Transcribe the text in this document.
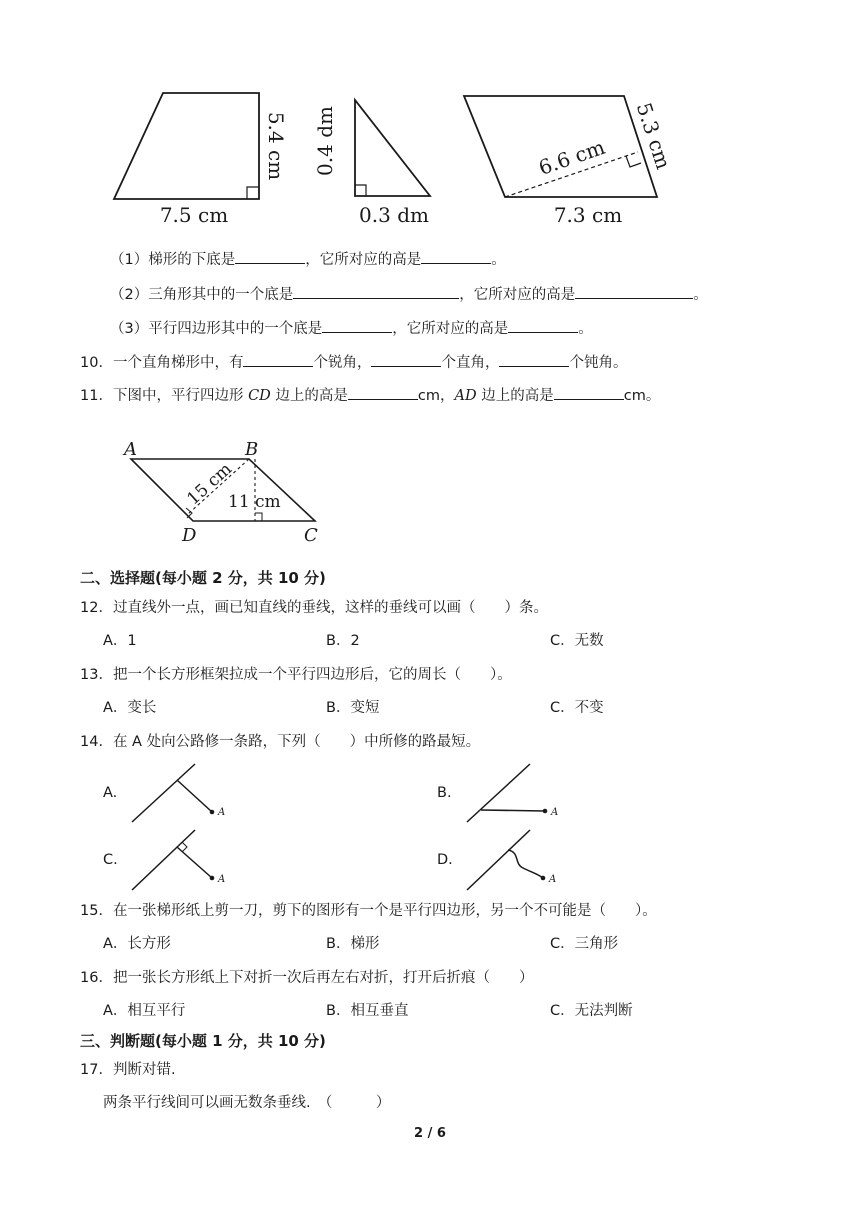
5.4 cm
7.5 cm
0.4 dm
0.3 dm
5.3 cm
6.6 cm
7.3 cm
（1）梯形的下底是	，它所对应的高是	。
（2）三角形其中的一个底是	，它所对应的高是	。
（3）平行四边形其中的一个底是	，它所对应的高是	。
10．一个直角梯形中，有	个锐角，	个直角，	个钝角。
11．下图中，平行四边形 CD 边上的高是	cm，AD 边上的高是	cm。
A	B
C
D
15 cm
11 cm
二、选择题(每小题 2 分，共 10 分)
12．过直线外一点，画已知直线的垂线，这样的垂线可以画（　　）条。
A．1	B．2	C．无数
13．把一个长方形框架拉成一个平行四边形后，它的周长（　　）。
A．变长	B．变短	C．不变
14．在 A 处向公路修一条路，下列（　　）中所修的路最短。
A.
A
B.
A
C.
A
D.
A
15．在一张梯形纸上剪一刀，剪下的图形有一个是平行四边形，另一个不可能是（　　）。
A．长方形	B．梯形	C．三角形
16．把一张长方形纸上下对折一次后再左右对折，打开后折痕（　　）
A．相互平行	B．相互垂直	C．无法判断
三、判断题(每小题 1 分，共 10 分)
17．判断对错.
两条平行线间可以画无数条垂线.　（　　　）
2 / 6
